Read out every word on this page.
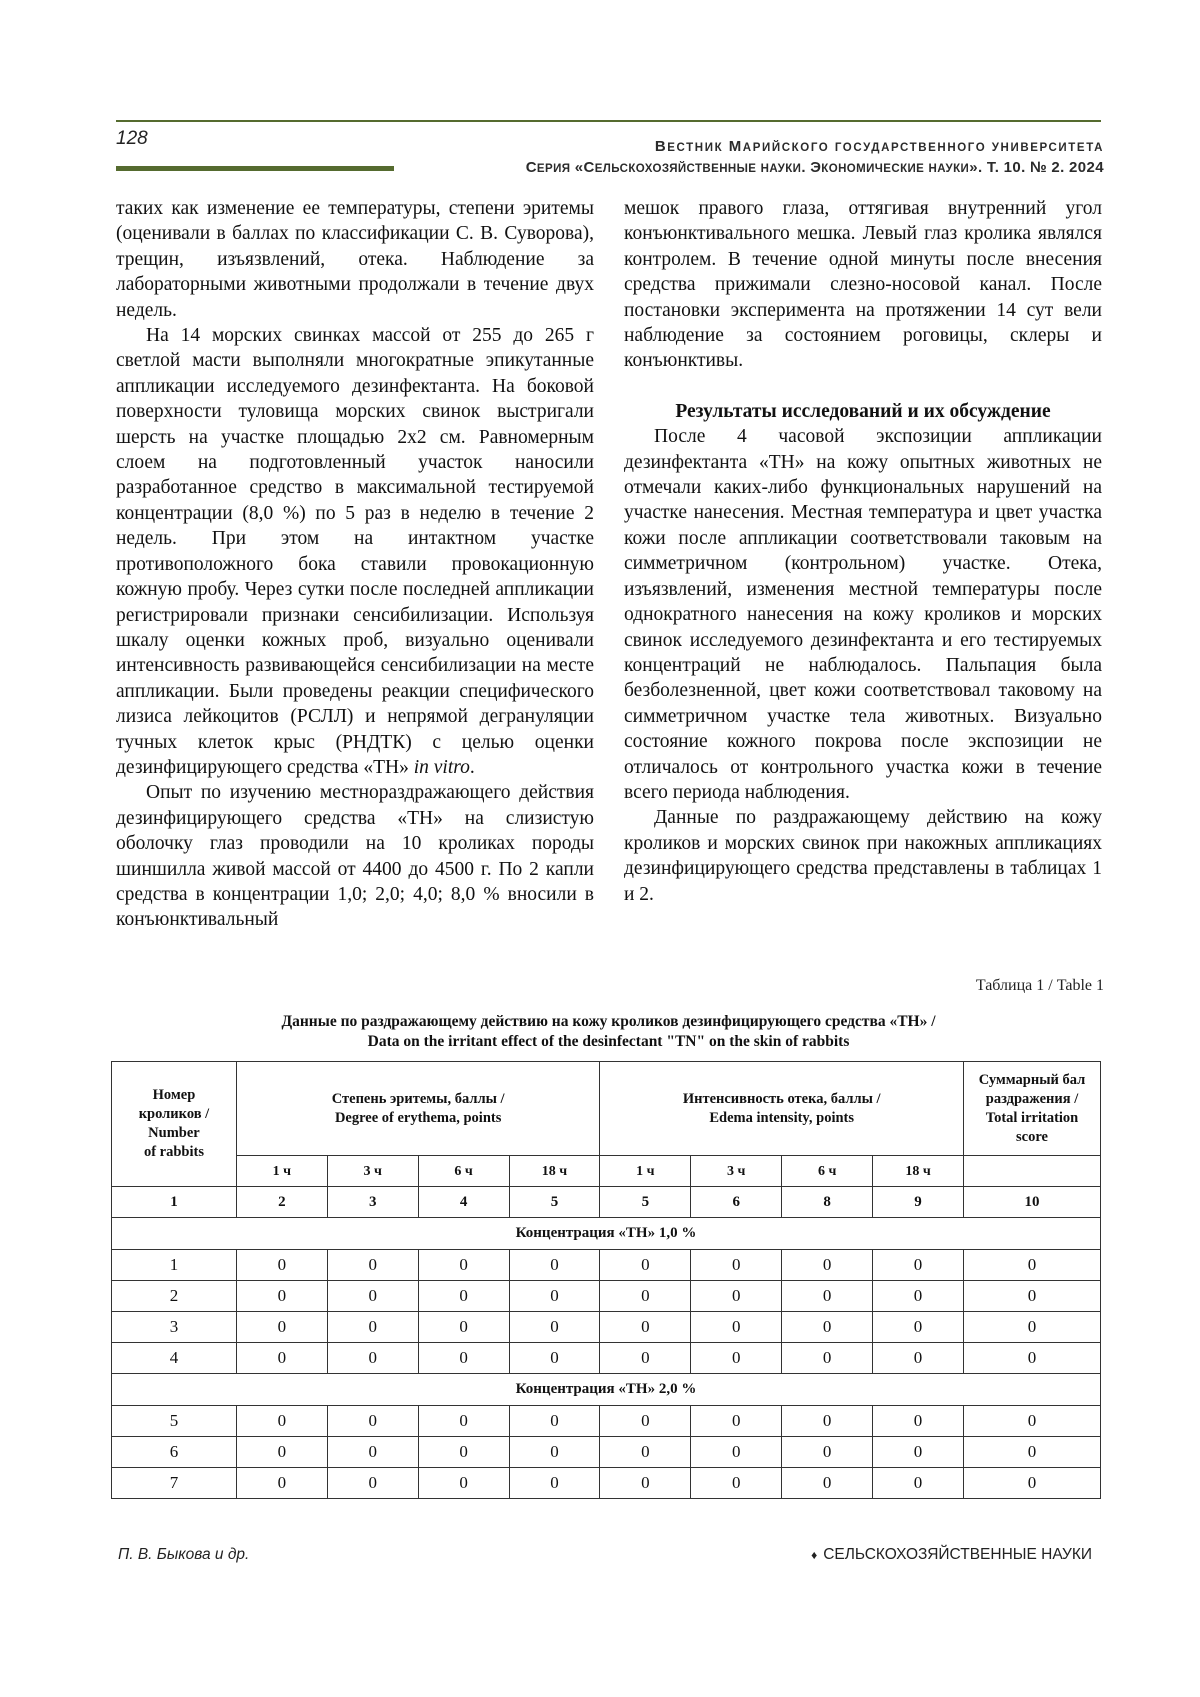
128	ВЕСТНИК МАРИЙСКОГО ГОСУДАРСТВЕННОГО УНИВЕРСИТЕТА
СЕРИЯ «СЕЛЬСКОХОЗЯЙСТВЕННЫЕ НАУКИ. ЭКОНОМИЧЕСКИЕ НАУКИ». Т. 10. № 2. 2024

таких как изменение ее температуры, степени эритемы (оценивали в баллах по классификации С. В. Суворова), трещин, изъязвлений, отека. Наблюдение за лабораторными животными продолжали в течение двух недель.

На 14 морских свинках массой от 255 до 265 г светлой масти выполняли многократные эпикутанные аппликации исследуемого дезинфектанта. На боковой поверхности туловища морских свинок выстригали шерсть на участке площадью 2х2 см. Равномерным слоем на подготовленный участок наносили разработанное средство в максимальной тестируемой концентрации (8,0 %) по 5 раз в неделю в течение 2 недель. При этом на интактном участке противоположного бока ставили провокационную кожную пробу. Через сутки после последней аппликации регистрировали признаки сенсибилизации. Используя шкалу оценки кожных проб, визуально оценивали интенсивность развивающейся сенсибилизации на месте аппликации. Были проведены реакции специфического лизиса лейкоцитов (РСЛЛ) и непрямой дегрануляции тучных клеток крыс (РНДТК) с целью оценки дезинфицирующего средства «ТН» in vitro.

Опыт по изучению местнораздражающего действия дезинфицирующего средства «ТН» на слизистую оболочку глаз проводили на 10 кроликах породы шиншилла живой массой от 4400 до 4500 г. По 2 капли средства в концентрации 1,0; 2,0; 4,0; 8,0 % вносили в конъюнктивальный

мешок правого глаза, оттягивая внутренний угол конъюнктивального мешка. Левый глаз кролика являлся контролем. В течение одной минуты после внесения средства прижимали слезно-носовой канал. После постановки эксперимента на протяжении 14 сут вели наблюдение за состоянием роговицы, склеры и конъюнктивы.

Результаты исследований и их обсуждение

После 4 часовой экспозиции аппликации дезинфектанта «ТН» на кожу опытных животных не отмечали каких-либо функциональных нарушений на участке нанесения. Местная температура и цвет участка кожи после аппликации соответствовали таковым на симметричном (контрольном) участке. Отека, изъязвлений, изменения местной температуры после однократного нанесения на кожу кроликов и морских свинок исследуемого дезинфектанта и его тестируемых концентраций не наблюдалось. Пальпация была безболезненной, цвет кожи соответствовал таковому на симметричном участке тела животных. Визуально состояние кожного покрова после экспозиции не отличалось от контрольного участка кожи в течение всего периода наблюдения.

Данные по раздражающему действию на кожу кроликов и морских свинок при накожных аппликациях дезинфицирующего средства представлены в таблицах 1 и 2.

Таблица 1 / Table 1
Данные по раздражающему действию на кожу кроликов дезинфицирующего средства «ТН» /
Data on the irritant effect of the desinfectant "TN" on the skin of rabbits
Номер
кроликов /
Number
of rabbits	Степень эритемы, баллы /
Degree of erythema, points				Интенсивность отека, баллы /
Edema intensity, points				Суммарный бал
раздражения /
Total irritation
score
	1 ч	3 ч	6 ч	18 ч	1 ч	3 ч	6 ч	18 ч	
1	2	3	4	5	5	6	8	9	10
Концентрация «ТН» 1,0 %									
1	0	0	0	0	0	0	0	0	0
2	0	0	0	0	0	0	0	0	0
3	0	0	0	0	0	0	0	0	0
4	0	0	0	0	0	0	0	0	0
Концентрация «ТН» 2,0 %									
5	0	0	0	0	0	0	0	0	0
6	0	0	0	0	0	0	0	0	0
7	0	0	0	0	0	0	0	0	0
П. В. Быкова и др.	♦ СЕЛЬСКОХОЗЯЙСТВЕННЫЕ НАУКИ
